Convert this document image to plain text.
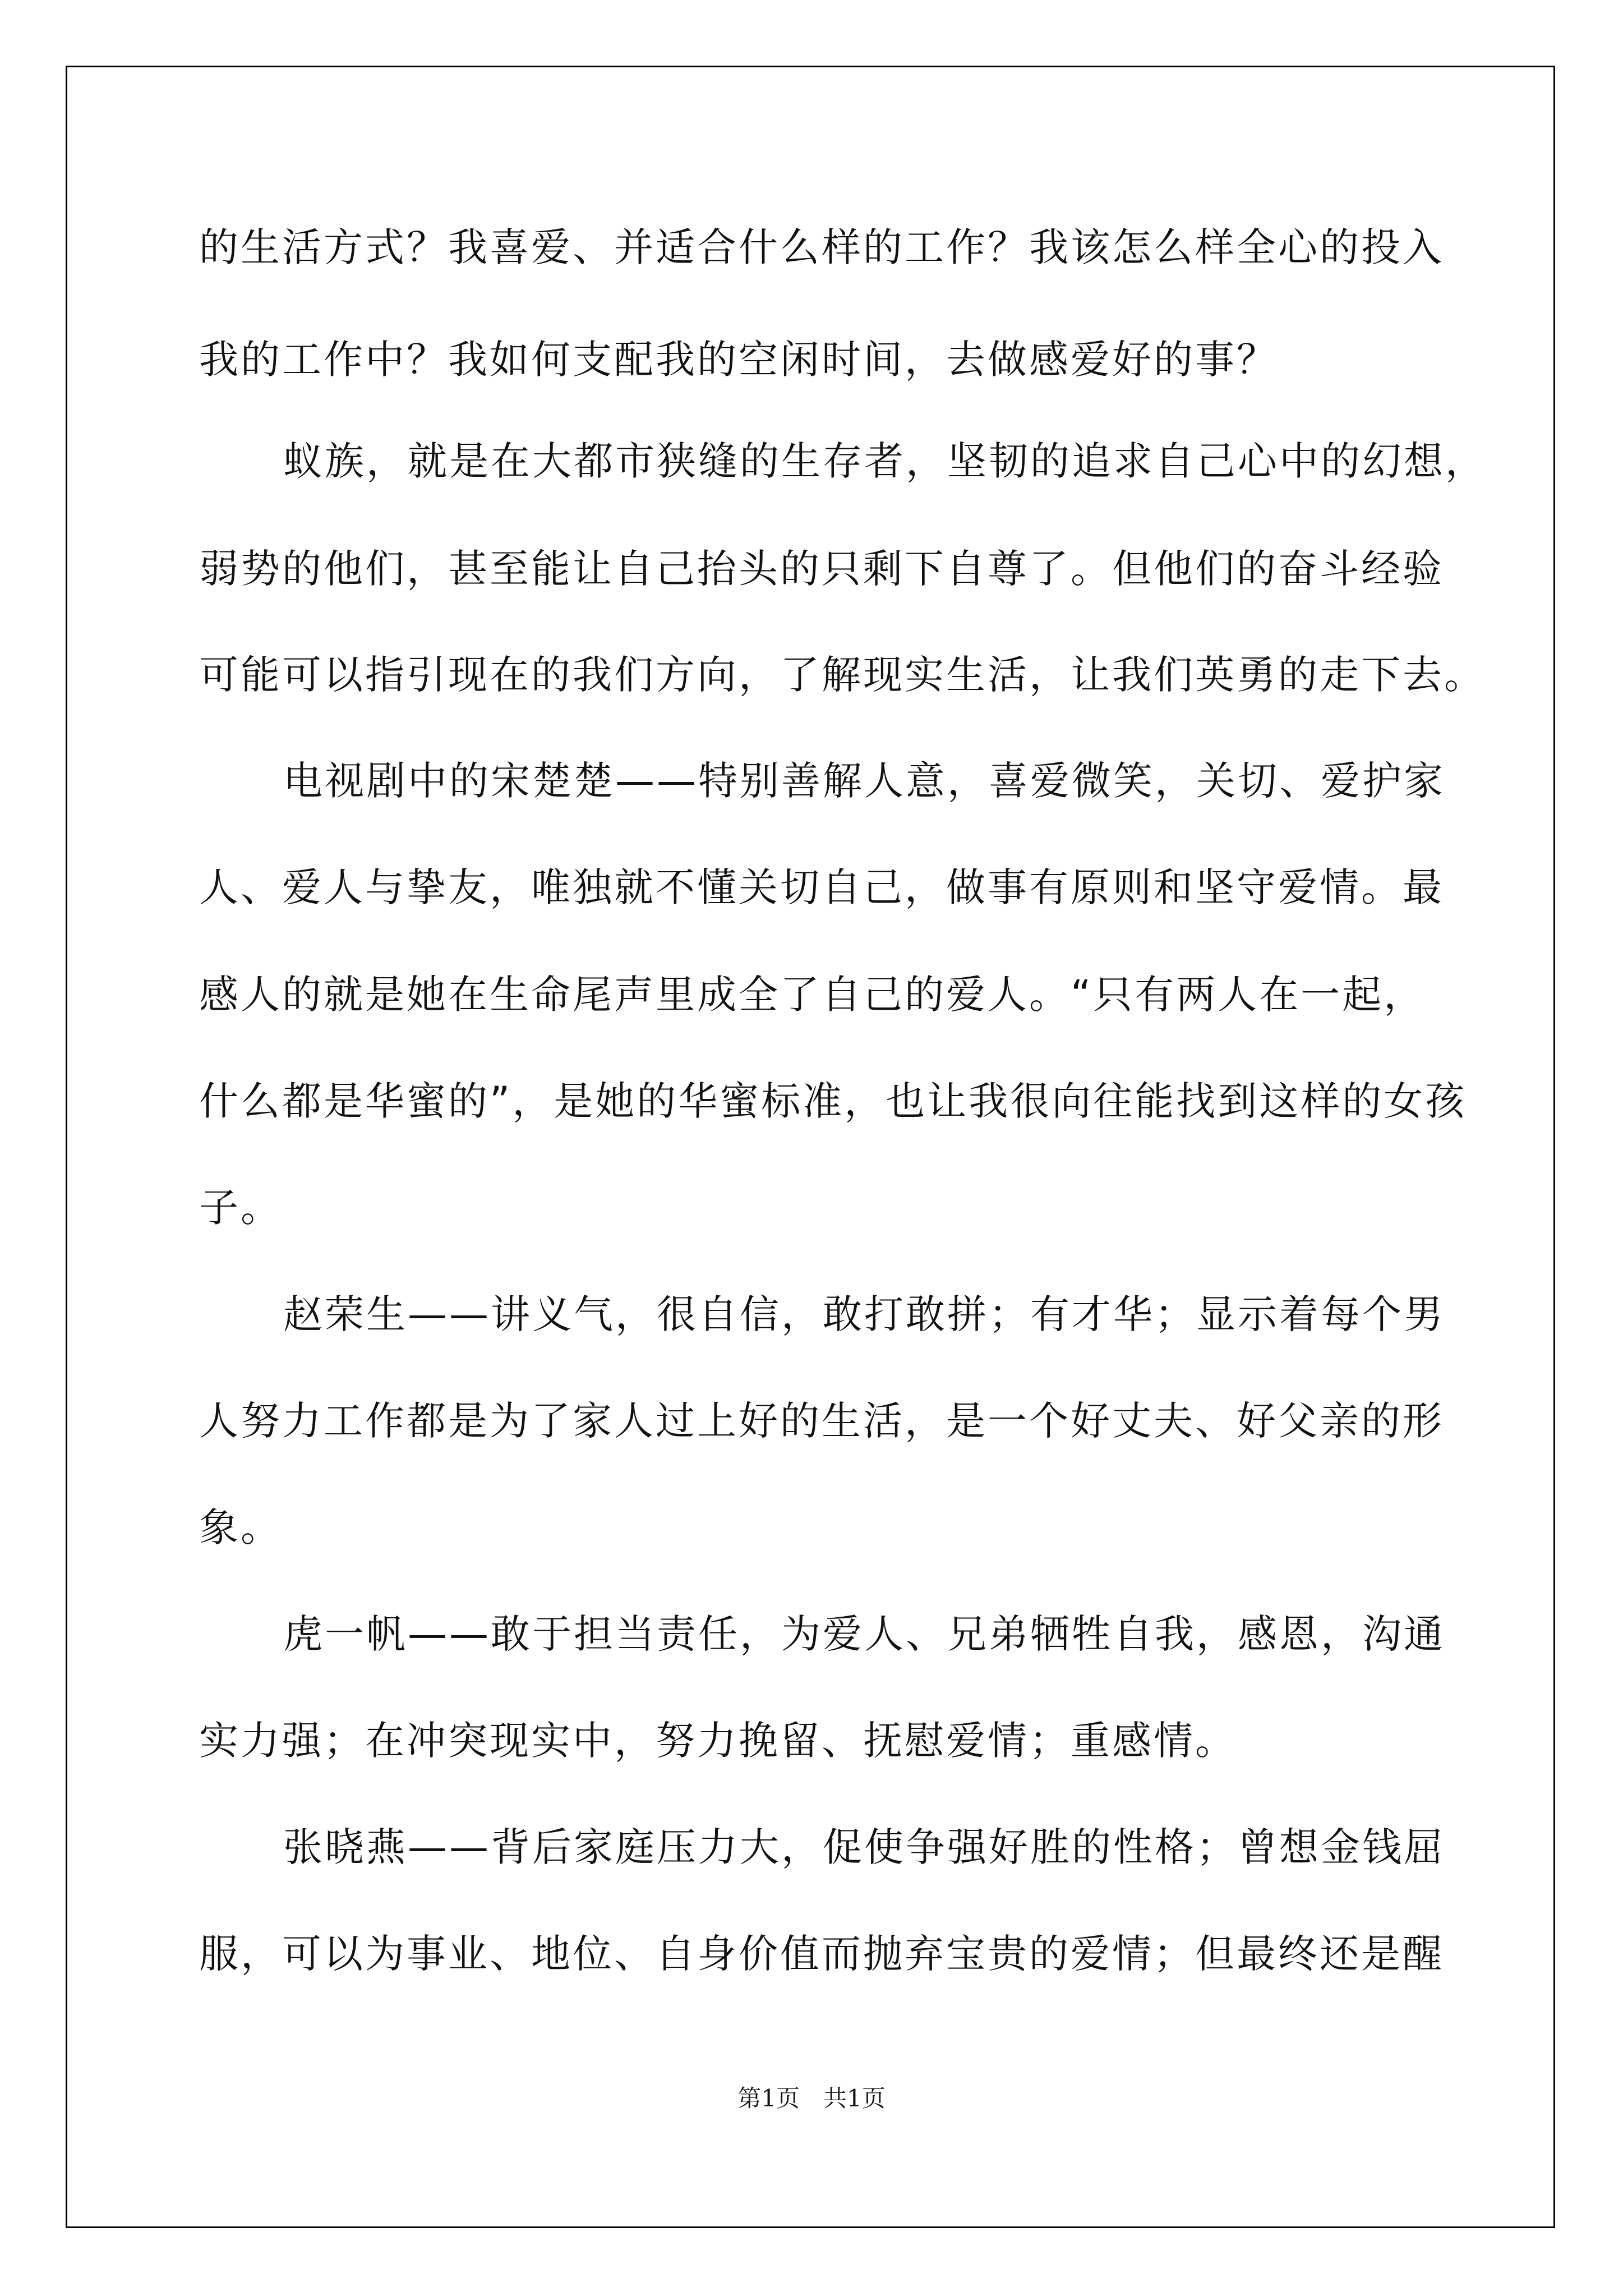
的生活方式？我喜爱、并适合什么样的工作？我该怎么样全心的投入
我的工作中？我如何支配我的空闲时间，去做感爱好的事？
蚁族，就是在大都市狭缝的生存者，坚韧的追求自己心中的幻想，
弱势的他们，甚至能让自己抬头的只剩下自尊了。但他们的奋斗经验
可能可以指引现在的我们方向，了解现实生活，让我们英勇的走下去。
电视剧中的宋楚楚——特别善解人意，喜爱微笑，关切、爱护家
人、爱人与挚友，唯独就不懂关切自己，做事有原则和坚守爱情。最
感人的就是她在生命尾声里成全了自己的爱人。“只有两人在一起，
什么都是华蜜的”，是她的华蜜标准，也让我很向往能找到这样的女孩
子。
赵荣生——讲义气，很自信，敢打敢拼；有才华；显示着每个男
人努力工作都是为了家人过上好的生活，是一个好丈夫、好父亲的形
象。
虎一帆——敢于担当责任，为爱人、兄弟牺牲自我，感恩，沟通
实力强；在冲突现实中，努力挽留、抚慰爱情；重感情。
张晓燕——背后家庭压力大，促使争强好胜的性格；曾想金钱屈
服，可以为事业、地位、自身价值而抛弃宝贵的爱情；但最终还是醒
第1页 共1页
